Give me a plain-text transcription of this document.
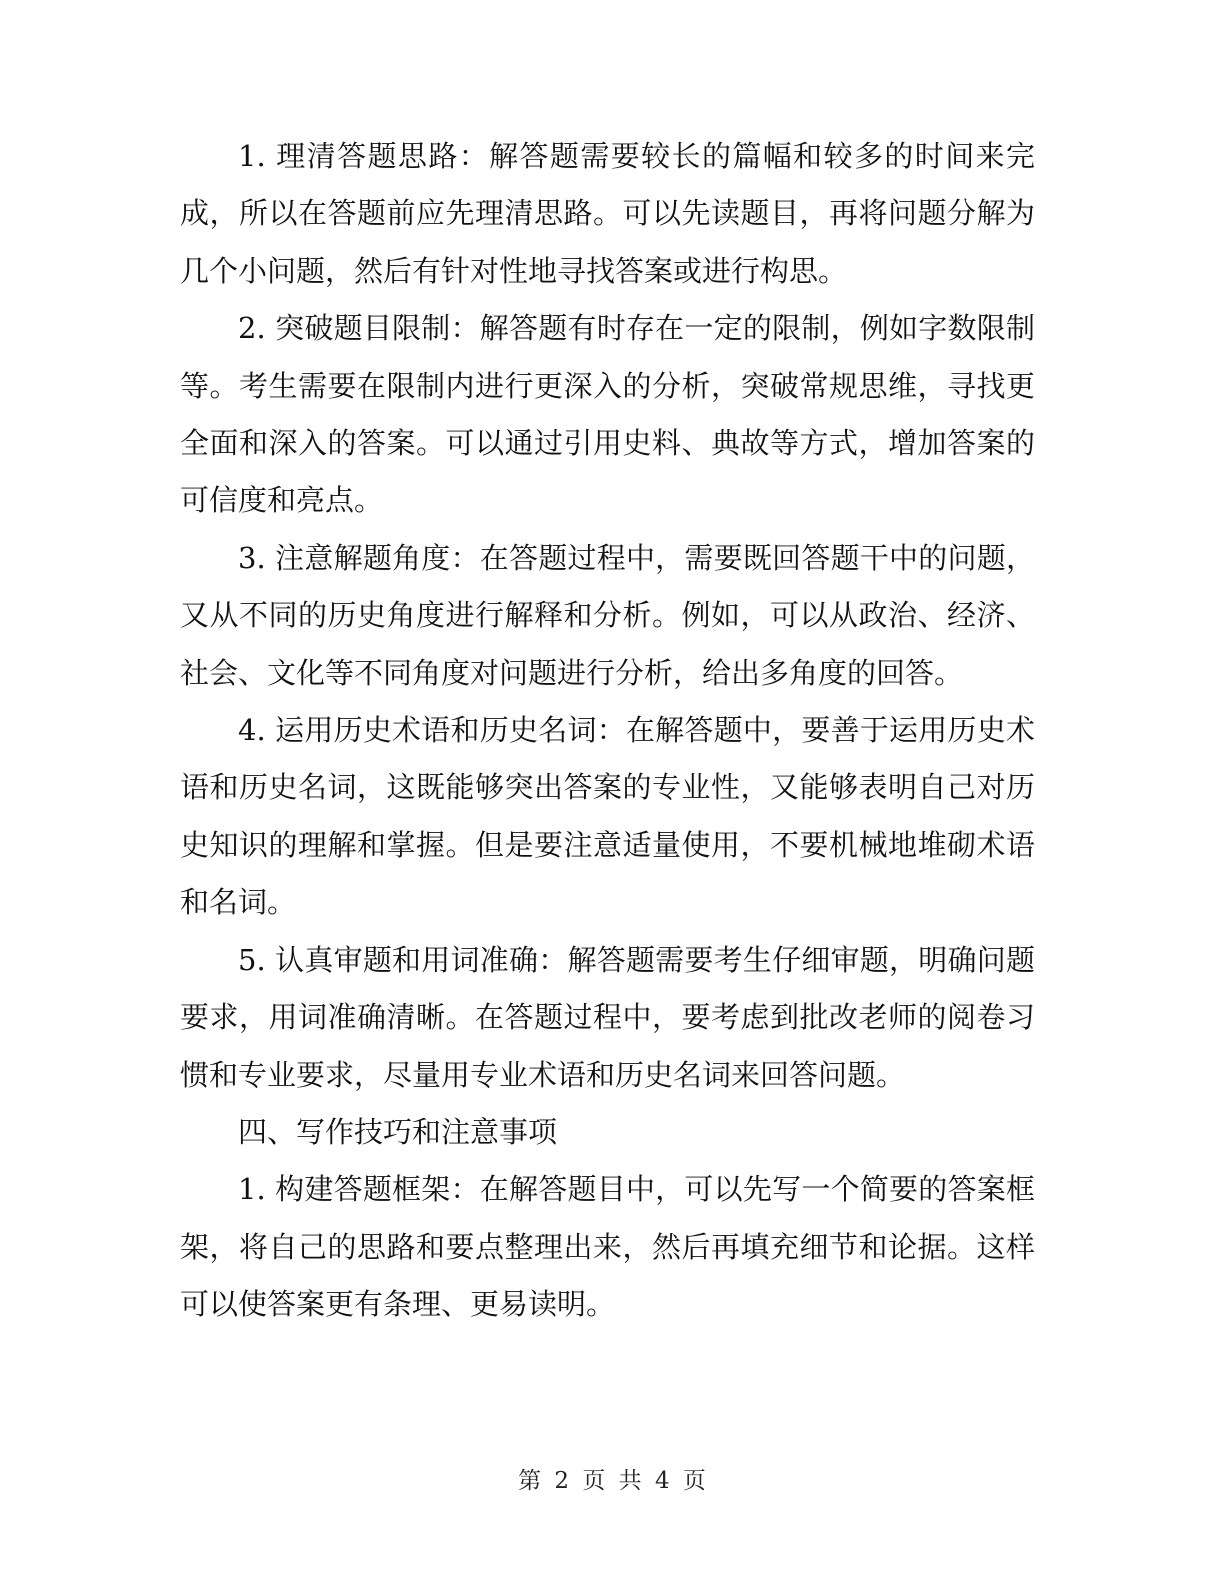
1. 理清答题思路：解答题需要较长的篇幅和较多的时间来完成，所以在答题前应先理清思路。可以先读题目，再将问题分解为几个小问题，然后有针对性地寻找答案或进行构思。

2. 突破题目限制：解答题有时存在一定的限制，例如字数限制等。考生需要在限制内进行更深入的分析，突破常规思维，寻找更全面和深入的答案。可以通过引用史料、典故等方式，增加答案的可信度和亮点。

3. 注意解题角度：在答题过程中，需要既回答题干中的问题，又从不同的历史角度进行解释和分析。例如，可以从政治、经济、社会、文化等不同角度对问题进行分析，给出多角度的回答。

4. 运用历史术语和历史名词：在解答题中，要善于运用历史术语和历史名词，这既能够突出答案的专业性，又能够表明自己对历史知识的理解和掌握。但是要注意适量使用，不要机械地堆砌术语和名词。

5. 认真审题和用词准确：解答题需要考生仔细审题，明确问题要求，用词准确清晰。在答题过程中，要考虑到批改老师的阅卷习惯和专业要求，尽量用专业术语和历史名词来回答问题。

四、写作技巧和注意事项

1. 构建答题框架：在解答题目中，可以先写一个简要的答案框架，将自己的思路和要点整理出来，然后再填充细节和论据。这样可以使答案更有条理、更易读明。

第 2 页 共 4 页
